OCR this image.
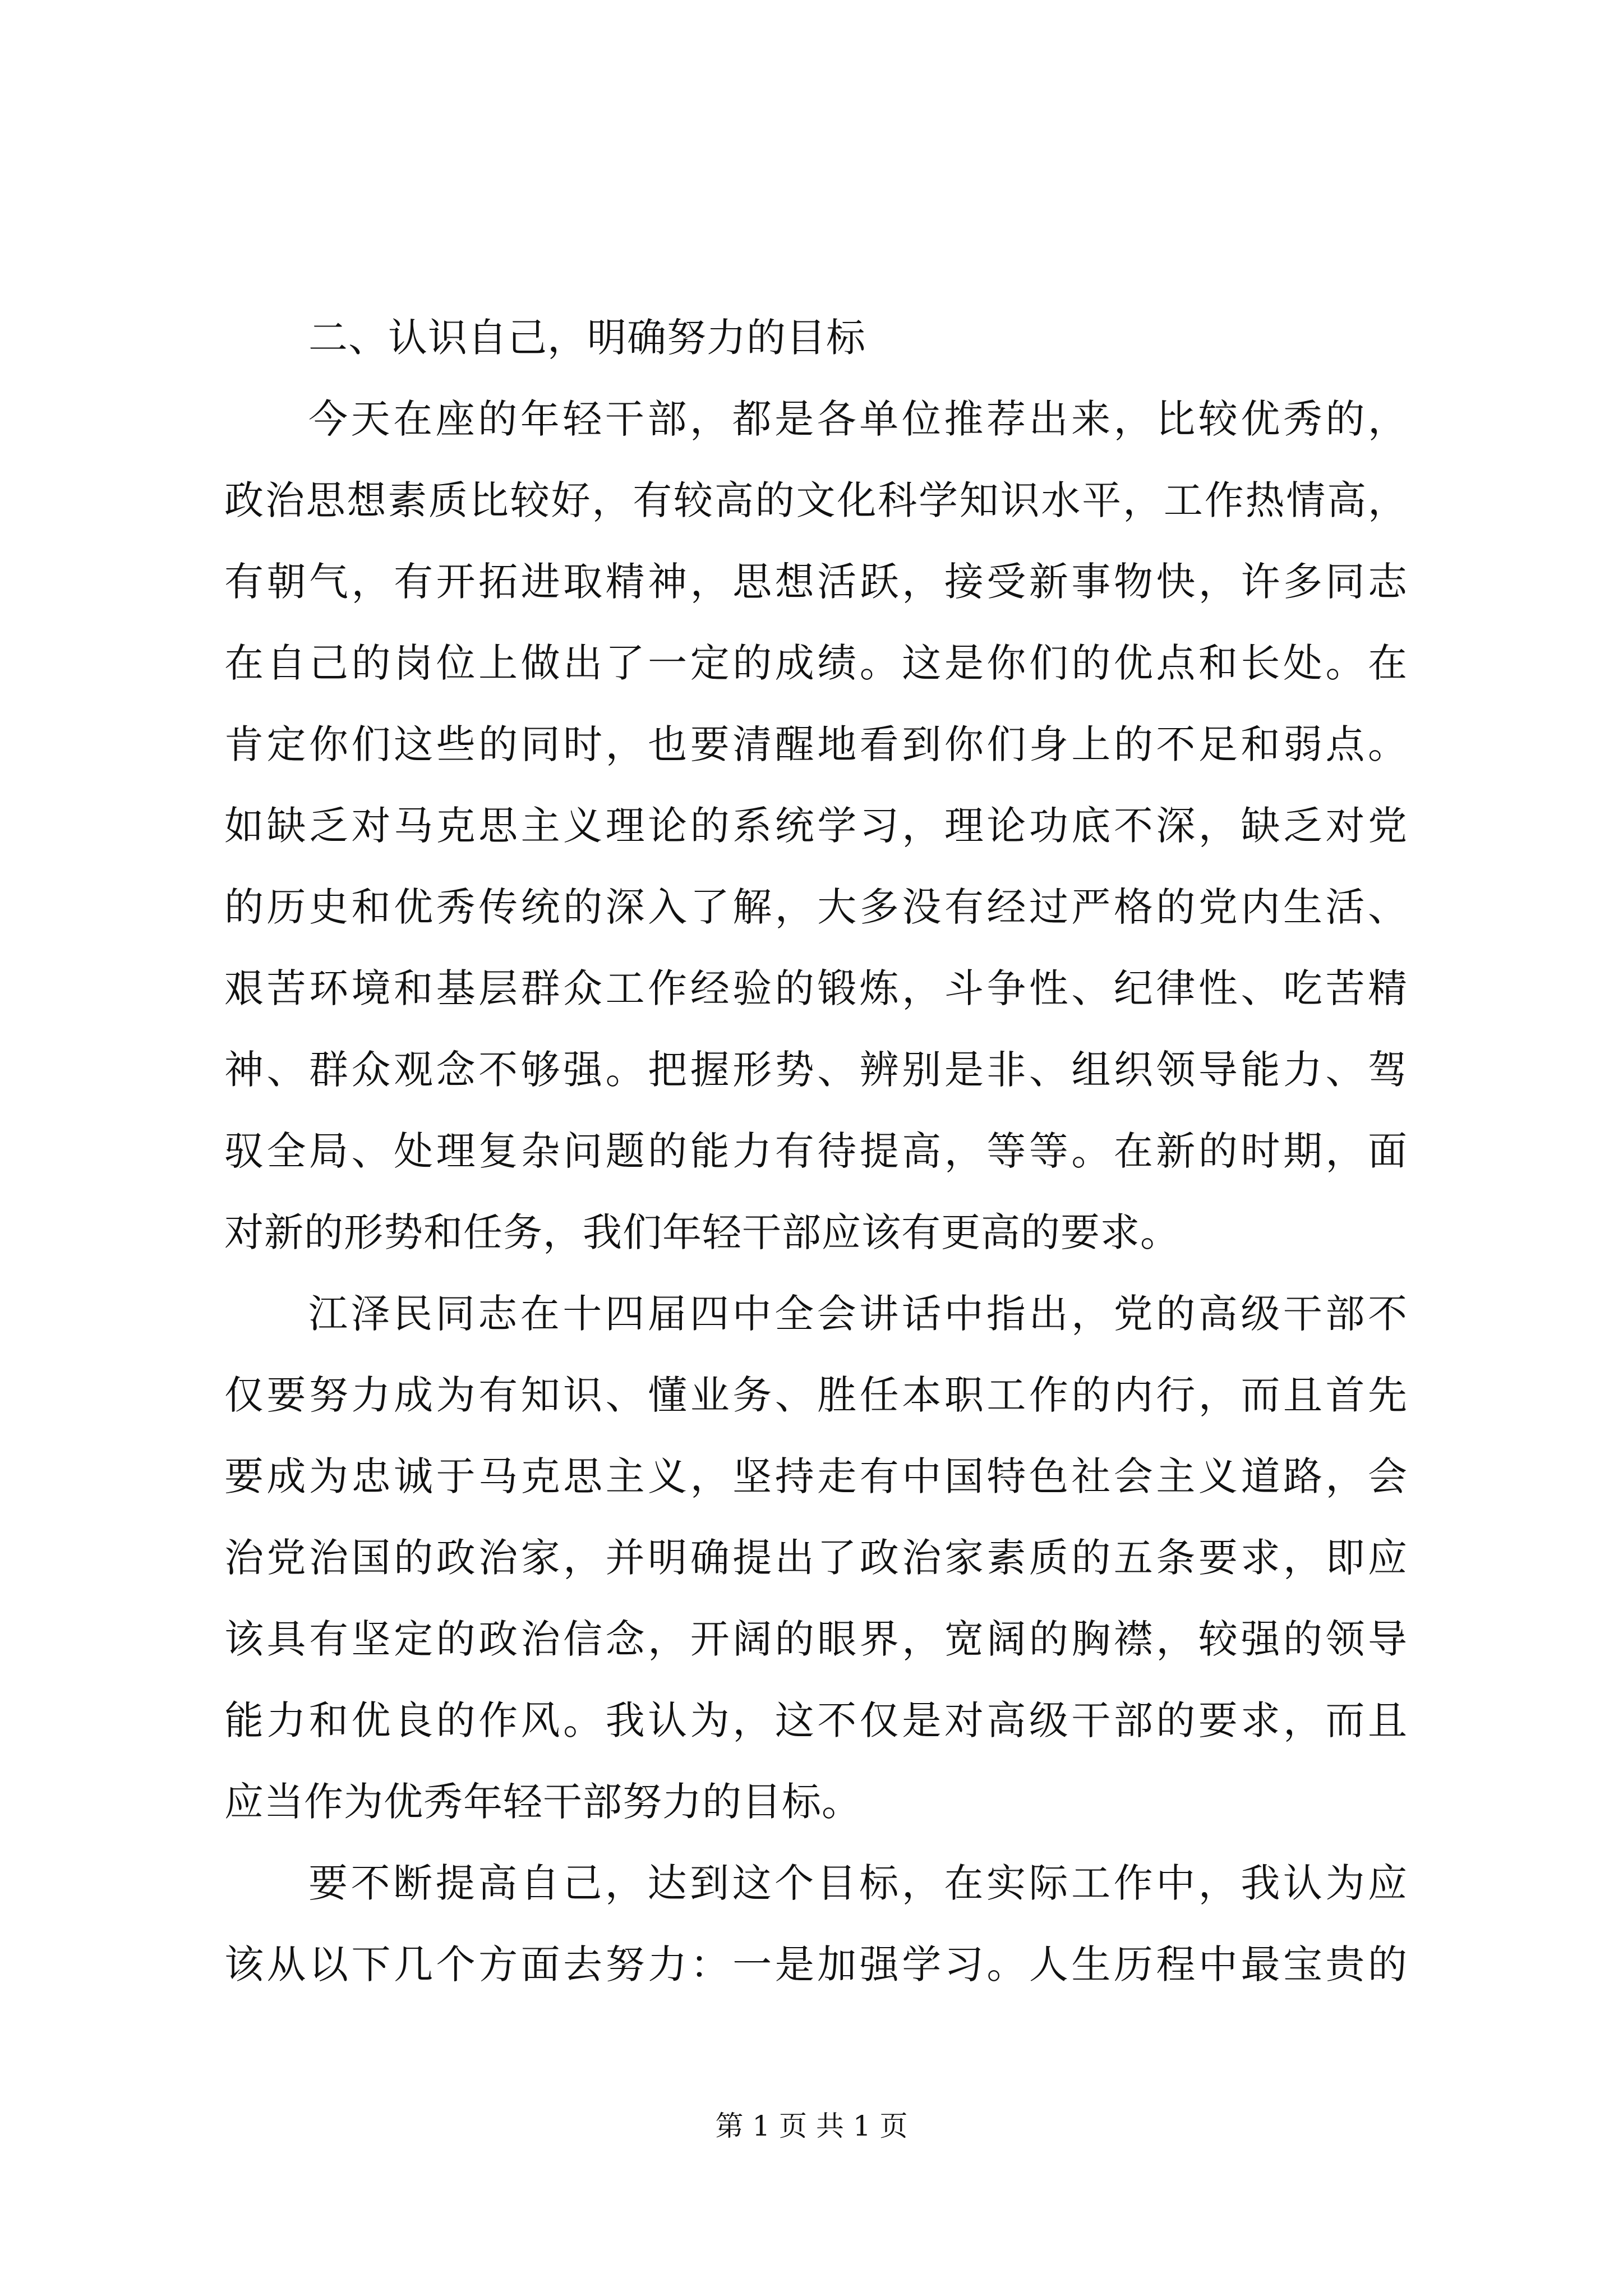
二、认识自己，明确努力的目标
今天在座的年轻干部，都是各单位推荐出来，比较优秀的，
政治思想素质比较好，有较高的文化科学知识水平，工作热情高，
有朝气，有开拓进取精神，思想活跃，接受新事物快，许多同志
在自己的岗位上做出了一定的成绩。这是你们的优点和长处。在
肯定你们这些的同时，也要清醒地看到你们身上的不足和弱点。
如缺乏对马克思主义理论的系统学习，理论功底不深，缺乏对党
的历史和优秀传统的深入了解，大多没有经过严格的党内生活、
艰苦环境和基层群众工作经验的锻炼，斗争性、纪律性、吃苦精
神、群众观念不够强。把握形势、辨别是非、组织领导能力、驾
驭全局、处理复杂问题的能力有待提高，等等。在新的时期，面
对新的形势和任务，我们年轻干部应该有更高的要求。
江泽民同志在十四届四中全会讲话中指出，党的高级干部不
仅要努力成为有知识、懂业务、胜任本职工作的内行，而且首先
要成为忠诚于马克思主义，坚持走有中国特色社会主义道路，会
治党治国的政治家，并明确提出了政治家素质的五条要求，即应
该具有坚定的政治信念，开阔的眼界，宽阔的胸襟，较强的领导
能力和优良的作风。我认为，这不仅是对高级干部的要求，而且
应当作为优秀年轻干部努力的目标。
要不断提高自己，达到这个目标，在实际工作中，我认为应
该从以下几个方面去努力：一是加强学习。人生历程中最宝贵的
第 1 页 共 1 页
